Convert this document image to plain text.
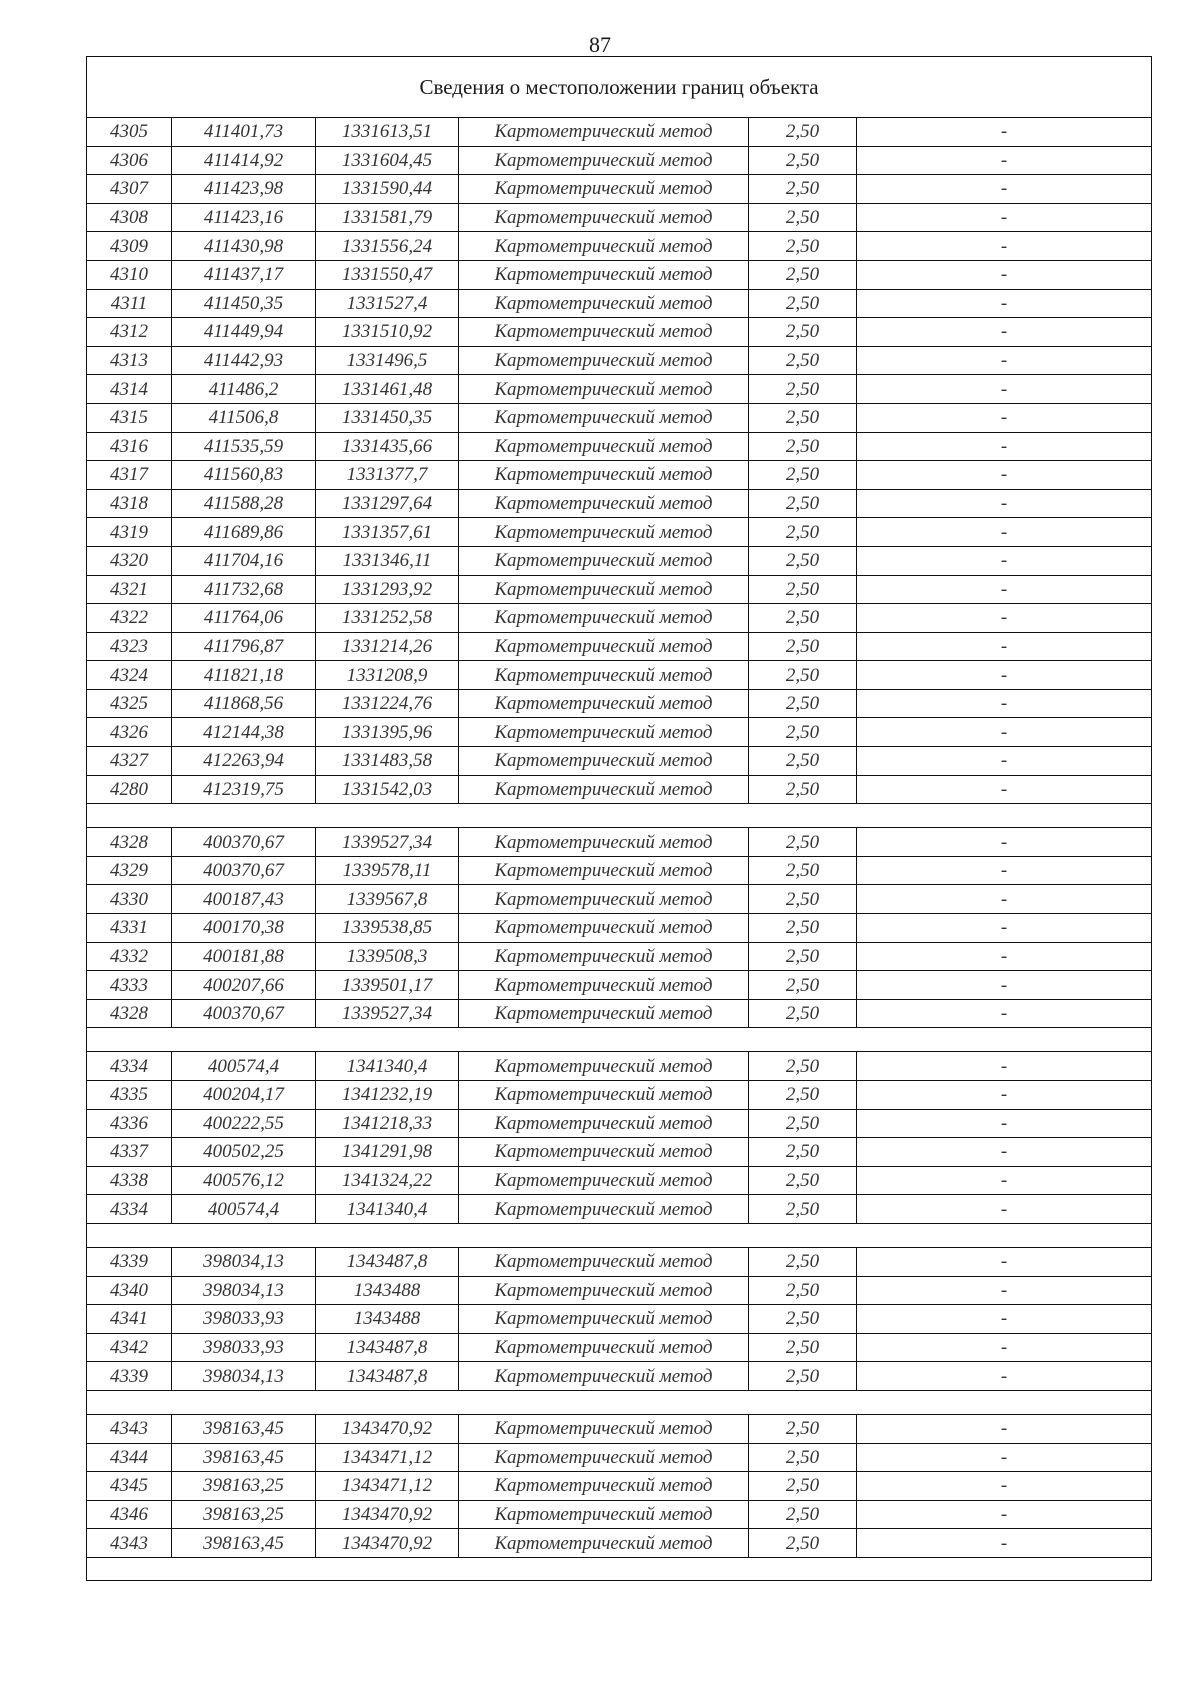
87
Сведения о местоположении границ объекта					
4305	411401,73	1331613,51	Картометрический метод	2,50	-
4306	411414,92	1331604,45	Картометрический метод	2,50	-
4307	411423,98	1331590,44	Картометрический метод	2,50	-
4308	411423,16	1331581,79	Картометрический метод	2,50	-
4309	411430,98	1331556,24	Картометрический метод	2,50	-
4310	411437,17	1331550,47	Картометрический метод	2,50	-
4311	411450,35	1331527,4	Картометрический метод	2,50	-
4312	411449,94	1331510,92	Картометрический метод	2,50	-
4313	411442,93	1331496,5	Картометрический метод	2,50	-
4314	411486,2	1331461,48	Картометрический метод	2,50	-
4315	411506,8	1331450,35	Картометрический метод	2,50	-
4316	411535,59	1331435,66	Картометрический метод	2,50	-
4317	411560,83	1331377,7	Картометрический метод	2,50	-
4318	411588,28	1331297,64	Картометрический метод	2,50	-
4319	411689,86	1331357,61	Картометрический метод	2,50	-
4320	411704,16	1331346,11	Картометрический метод	2,50	-
4321	411732,68	1331293,92	Картометрический метод	2,50	-
4322	411764,06	1331252,58	Картометрический метод	2,50	-
4323	411796,87	1331214,26	Картометрический метод	2,50	-
4324	411821,18	1331208,9	Картометрический метод	2,50	-
4325	411868,56	1331224,76	Картометрический метод	2,50	-
4326	412144,38	1331395,96	Картометрический метод	2,50	-
4327	412263,94	1331483,58	Картометрический метод	2,50	-
4280	412319,75	1331542,03	Картометрический метод	2,50	-

4328	400370,67	1339527,34	Картометрический метод	2,50	-
4329	400370,67	1339578,11	Картометрический метод	2,50	-
4330	400187,43	1339567,8	Картометрический метод	2,50	-
4331	400170,38	1339538,85	Картометрический метод	2,50	-
4332	400181,88	1339508,3	Картометрический метод	2,50	-
4333	400207,66	1339501,17	Картометрический метод	2,50	-
4328	400370,67	1339527,34	Картометрический метод	2,50	-

4334	400574,4	1341340,4	Картометрический метод	2,50	-
4335	400204,17	1341232,19	Картометрический метод	2,50	-
4336	400222,55	1341218,33	Картометрический метод	2,50	-
4337	400502,25	1341291,98	Картометрический метод	2,50	-
4338	400576,12	1341324,22	Картометрический метод	2,50	-
4334	400574,4	1341340,4	Картометрический метод	2,50	-

4339	398034,13	1343487,8	Картометрический метод	2,50	-
4340	398034,13	1343488	Картометрический метод	2,50	-
4341	398033,93	1343488	Картометрический метод	2,50	-
4342	398033,93	1343487,8	Картометрический метод	2,50	-
4339	398034,13	1343487,8	Картометрический метод	2,50	-

4343	398163,45	1343470,92	Картометрический метод	2,50	-
4344	398163,45	1343471,12	Картометрический метод	2,50	-
4345	398163,25	1343471,12	Картометрический метод	2,50	-
4346	398163,25	1343470,92	Картометрический метод	2,50	-
4343	398163,45	1343470,92	Картометрический метод	2,50	-
